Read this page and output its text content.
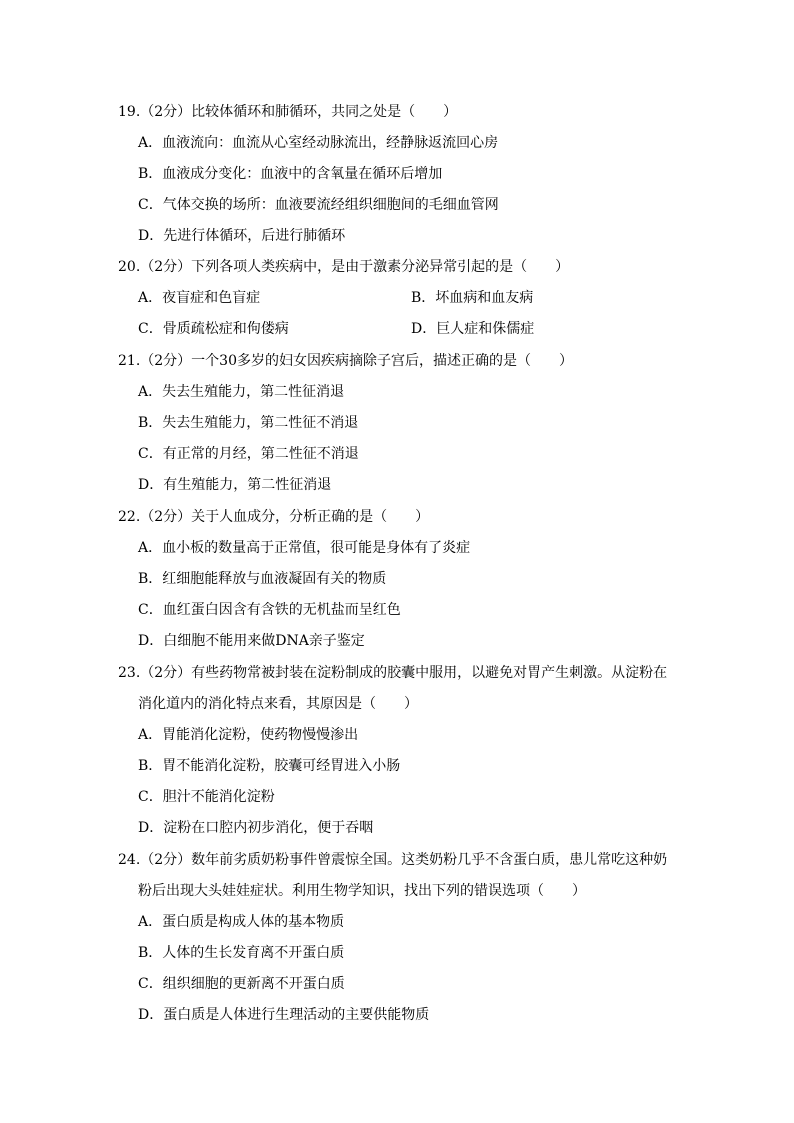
19.（2分）比较体循环和肺循环，共同之处是（　　）

A．血液流向：血流从心室经动脉流出，经静脉返流回心房

B．血液成分变化：血液中的含氧量在循环后增加

C．气体交换的场所：血液要流经组织细胞间的毛细血管网

D．先进行体循环，后进行肺循环

20.（2分）下列各项人类疾病中，是由于激素分泌异常引起的是（　　）

A．夜盲症和色盲症	B．坏血病和血友病

C．骨质疏松症和佝偻病	D．巨人症和侏儒症

21.（2分）一个30多岁的妇女因疾病摘除子宫后，描述正确的是（　　）

A．失去生殖能力，第二性征消退

B．失去生殖能力，第二性征不消退

C．有正常的月经，第二性征不消退

D．有生殖能力，第二性征消退

22.（2分）关于人血成分，分析正确的是（　　）

A．血小板的数量高于正常值，很可能是身体有了炎症

B．红细胞能释放与血液凝固有关的物质

C．血红蛋白因含有含铁的无机盐而呈红色

D．白细胞不能用来做DNA亲子鉴定

23.（2分）有些药物常被封装在淀粉制成的胶囊中服用，以避免对胃产生刺激。从淀粉在

消化道内的消化特点来看，其原因是（　　）

A．胃能消化淀粉，使药物慢慢渗出

B．胃不能消化淀粉，胶囊可经胃进入小肠

C．胆汁不能消化淀粉

D．淀粉在口腔内初步消化，便于吞咽

24.（2分）数年前劣质奶粉事件曾震惊全国。这类奶粉几乎不含蛋白质，患儿常吃这种奶

粉后出现大头娃娃症状。利用生物学知识，找出下列的错误选项（　　）

A．蛋白质是构成人体的基本物质

B．人体的生长发育离不开蛋白质

C．组织细胞的更新离不开蛋白质

D．蛋白质是人体进行生理活动的主要供能物质
